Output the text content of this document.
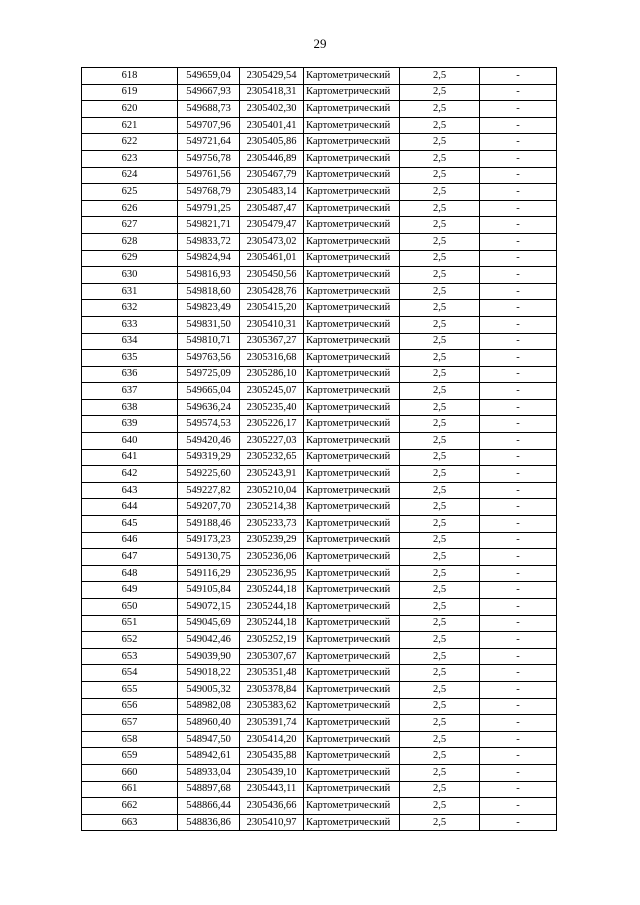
29
618	549659,04	2305429,54	Картометрический	2,5	-
619	549667,93	2305418,31	Картометрический	2,5	-
620	549688,73	2305402,30	Картометрический	2,5	-
621	549707,96	2305401,41	Картометрический	2,5	-
622	549721,64	2305405,86	Картометрический	2,5	-
623	549756,78	2305446,89	Картометрический	2,5	-
624	549761,56	2305467,79	Картометрический	2,5	-
625	549768,79	2305483,14	Картометрический	2,5	-
626	549791,25	2305487,47	Картометрический	2,5	-
627	549821,71	2305479,47	Картометрический	2,5	-
628	549833,72	2305473,02	Картометрический	2,5	-
629	549824,94	2305461,01	Картометрический	2,5	-
630	549816,93	2305450,56	Картометрический	2,5	-
631	549818,60	2305428,76	Картометрический	2,5	-
632	549823,49	2305415,20	Картометрический	2,5	-
633	549831,50	2305410,31	Картометрический	2,5	-
634	549810,71	2305367,27	Картометрический	2,5	-
635	549763,56	2305316,68	Картометрический	2,5	-
636	549725,09	2305286,10	Картометрический	2,5	-
637	549665,04	2305245,07	Картометрический	2,5	-
638	549636,24	2305235,40	Картометрический	2,5	-
639	549574,53	2305226,17	Картометрический	2,5	-
640	549420,46	2305227,03	Картометрический	2,5	-
641	549319,29	2305232,65	Картометрический	2,5	-
642	549225,60	2305243,91	Картометрический	2,5	-
643	549227,82	2305210,04	Картометрический	2,5	-
644	549207,70	2305214,38	Картометрический	2,5	-
645	549188,46	2305233,73	Картометрический	2,5	-
646	549173,23	2305239,29	Картометрический	2,5	-
647	549130,75	2305236,06	Картометрический	2,5	-
648	549116,29	2305236,95	Картометрический	2,5	-
649	549105,84	2305244,18	Картометрический	2,5	-
650	549072,15	2305244,18	Картометрический	2,5	-
651	549045,69	2305244,18	Картометрический	2,5	-
652	549042,46	2305252,19	Картометрический	2,5	-
653	549039,90	2305307,67	Картометрический	2,5	-
654	549018,22	2305351,48	Картометрический	2,5	-
655	549005,32	2305378,84	Картометрический	2,5	-
656	548982,08	2305383,62	Картометрический	2,5	-
657	548960,40	2305391,74	Картометрический	2,5	-
658	548947,50	2305414,20	Картометрический	2,5	-
659	548942,61	2305435,88	Картометрический	2,5	-
660	548933,04	2305439,10	Картометрический	2,5	-
661	548897,68	2305443,11	Картометрический	2,5	-
662	548866,44	2305436,66	Картометрический	2,5	-
663	548836,86	2305410,97	Картометрический	2,5	-
